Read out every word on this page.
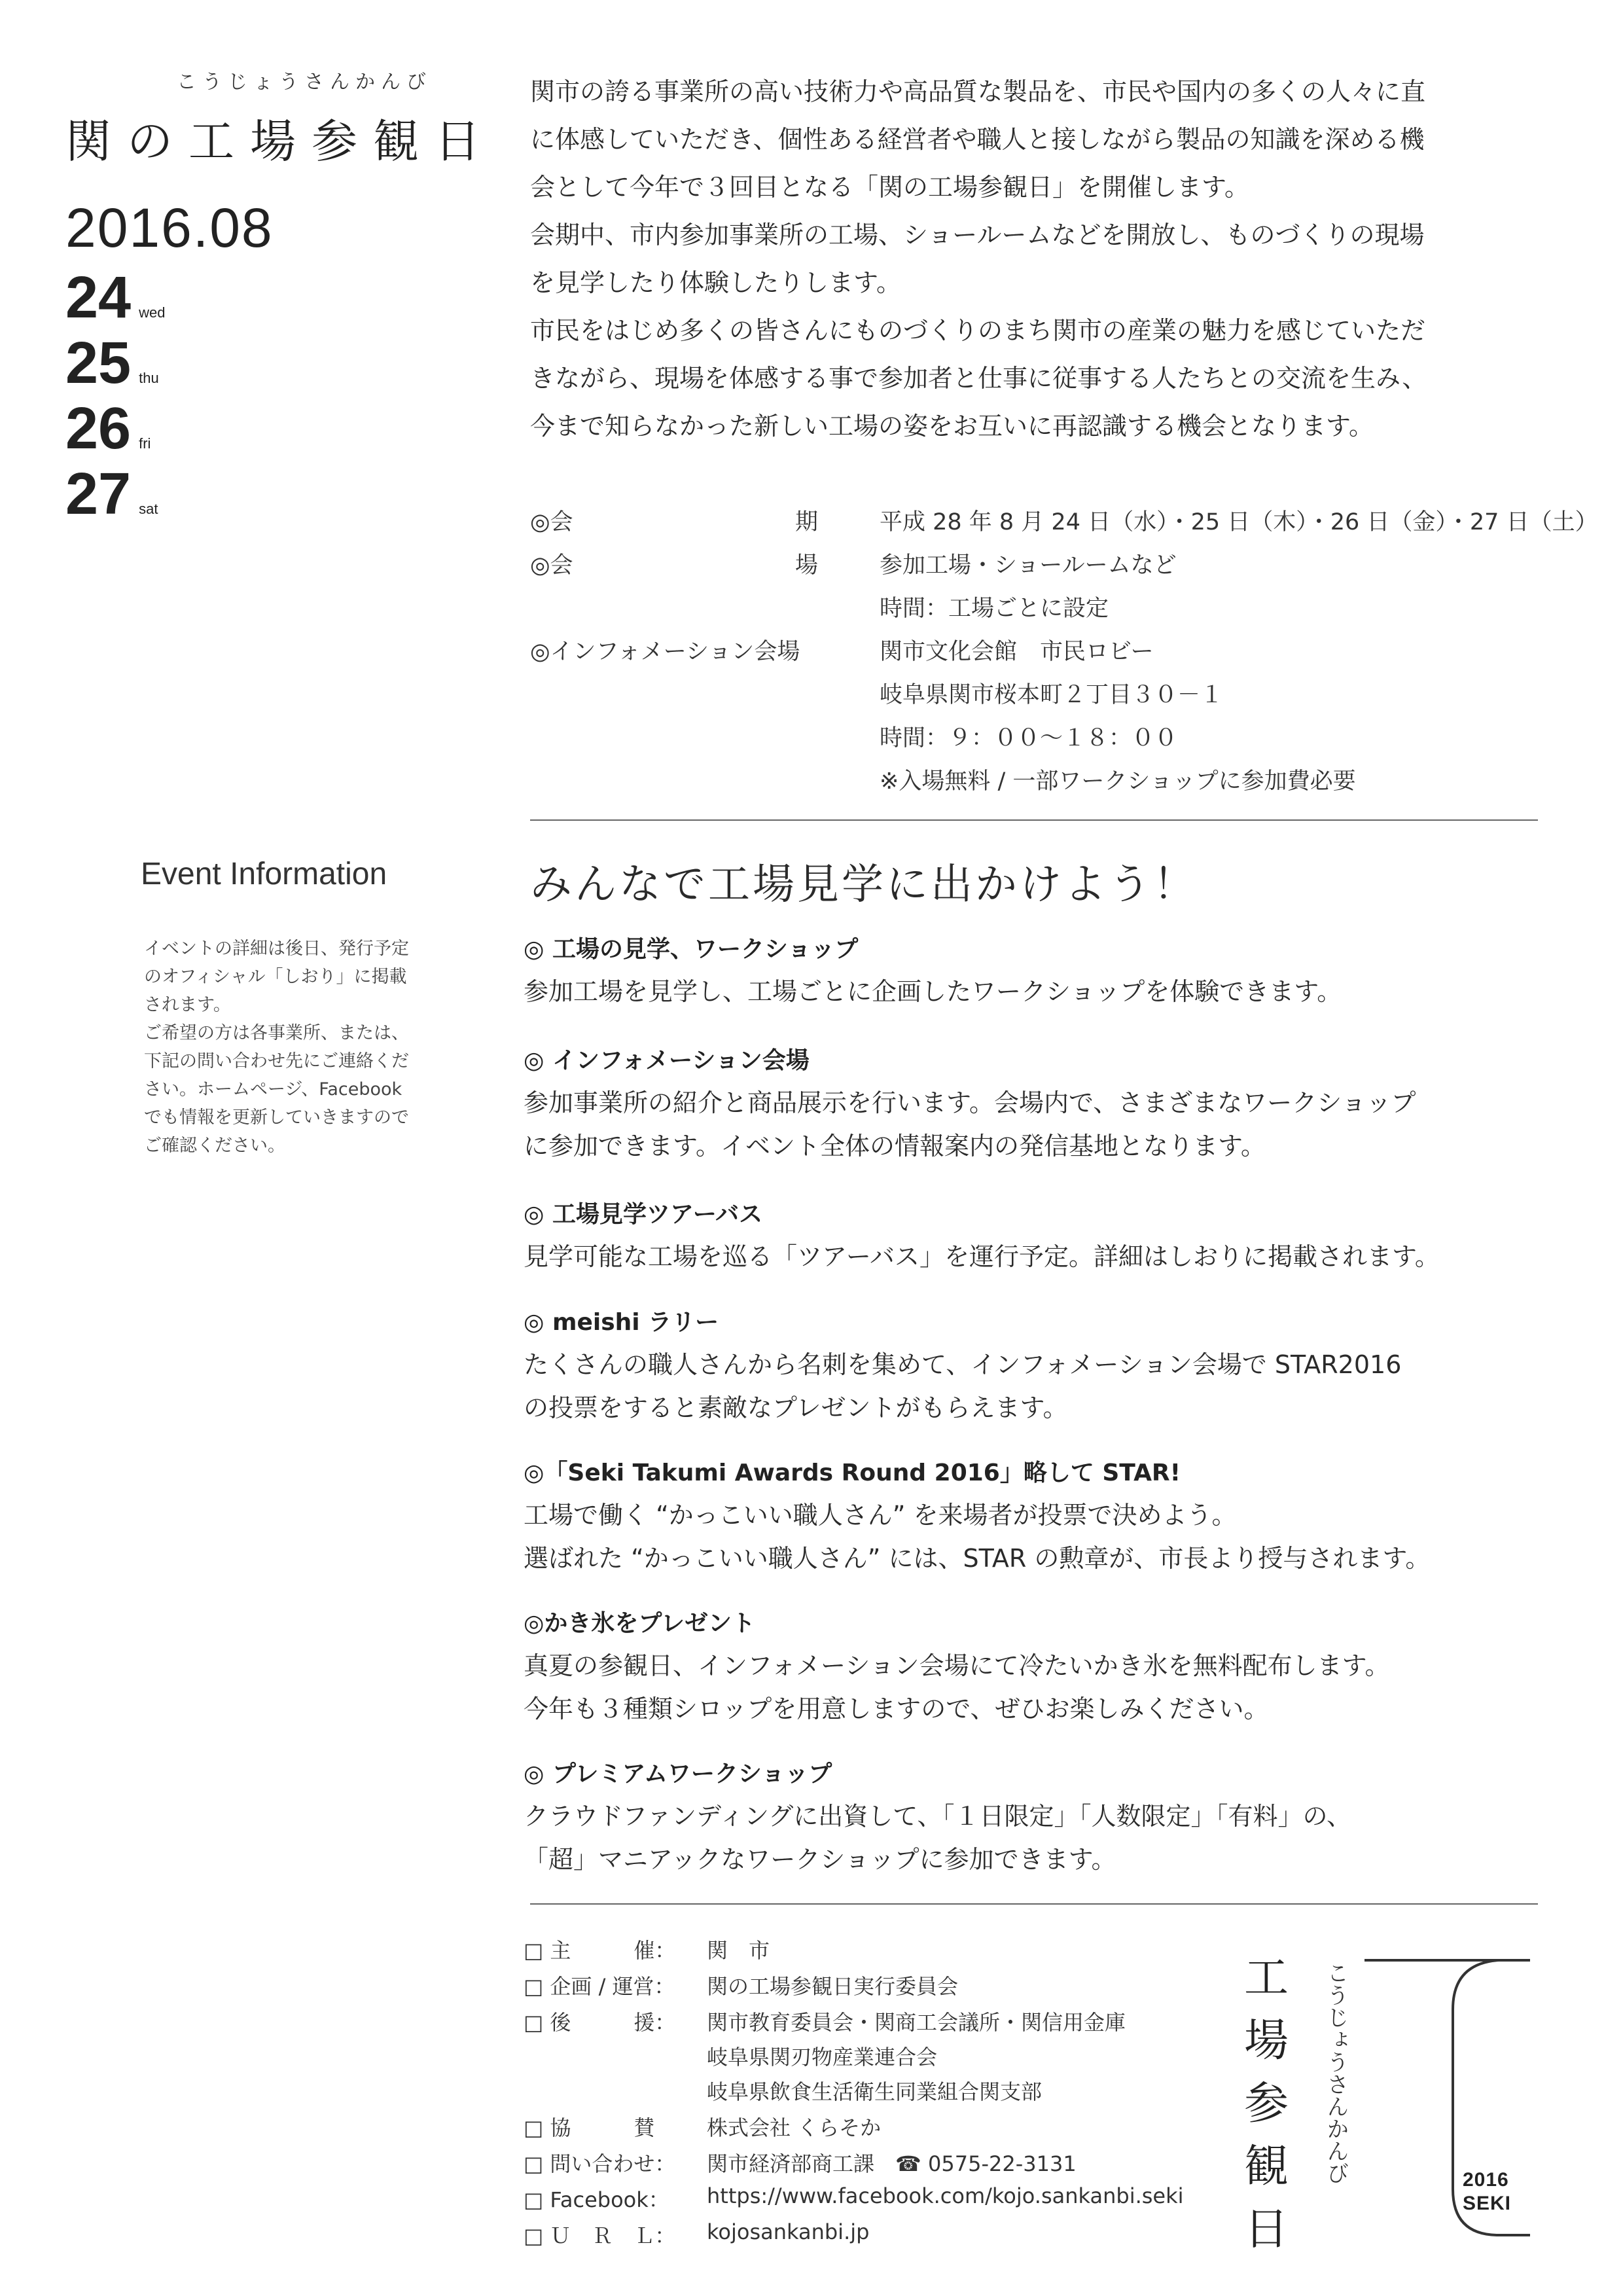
こうじょうさんかんび
関の工場参観日
2016.08
24 wed
25 thu
26 fri
27 sat

関市の誇る事業所の高い技術力や高品質な製品を、市民や国内の多くの人々に直

に体感していただき、個性ある経営者や職人と接しながら製品の知識を深める機

会として今年で３回目となる「関の工場参観日」を開催します。

会期中、市内参加事業所の工場、ショールームなどを開放し、ものづくりの現場

を見学したり体験したりします。

市民をはじめ多くの皆さんにものづくりのまち関市の産業の魅力を感じていただ

きながら、現場を体感する事で参加者と仕事に従事する人たちとの交流を生み、

今まで知らなかった新しい工場の姿をお互いに再認識する機会となります。

◎会	期	平成 28 年 8 月 24 日（水）・25 日（木）・26 日（金）・27 日（土）
◎会	場	参加工場・ショールームなど
時間：工場ごとに設定
◎インフォメーション会場	関市文化会館　市民ロビー
岐阜県関市桜本町２丁目３０－１
時間：９：００〜１８：００
※入場無料 / 一部ワークショップに参加費必要
Event Information
イベントの詳細は後日、発行予定
のオフィシャル「しおり」に掲載
されます。
ご希望の方は各事業所、または、
下記の問い合わせ先にご連絡くだ
さい。ホームページ、Facebook
でも情報を更新していきますので
ご確認ください。
みんなで工場見学に出かけよう！
◎ 工場の見学、ワークショップ
参加工場を見学し、工場ごとに企画したワークショップを体験できます。
◎ インフォメーション会場
参加事業所の紹介と商品展示を行います。会場内で、さまざまなワークショップ
に参加できます。イベント全体の情報案内の発信基地となります。
◎ 工場見学ツアーバス
見学可能な工場を巡る「ツアーバス」を運行予定。詳細はしおりに掲載されます。
◎ meishi ラリー
たくさんの職人さんから名刺を集めて、インフォメーション会場で STAR2016
の投票をすると素敵なプレゼントがもらえます。
◎「Seki Takumi Awards Round 2016」略して STAR!
工場で働く “かっこいい職人さん” を来場者が投票で決めよう。
選ばれた “かっこいい職人さん” には、STAR の勲章が、市長より授与されます。
◎かき氷をプレゼント
真夏の参観日、インフォメーション会場にて冷たいかき氷を無料配布します。
今年も３種類シロップを用意しますので、ぜひお楽しみください。
◎ プレミアムワークショップ
クラウドファンディングに出資して、「１日限定」「人数限定」「有料」の、
「超」マニアックなワークショップに参加できます。
□ 主　　　催： 関　市
□ 企画 / 運営： 関の工場参観日実行委員会
□ 後　　　援： 関市教育委員会・関商工会議所・関信用金庫
岐阜県関刃物産業連合会
岐阜県飲食生活衛生同業組合関支部
□ 協　　　賛 株式会社 くらそか
□ 問い合わせ： 関市経済部商工課　☎ 0575-22-3131
□ Facebook： https://www.facebook.com/kojo.sankanbi.seki
□ Ｕ　Ｒ　Ｌ： kojosankanbi.jp
工
場
参
観
日
こうじょうさんかんび	2016
SEKI
